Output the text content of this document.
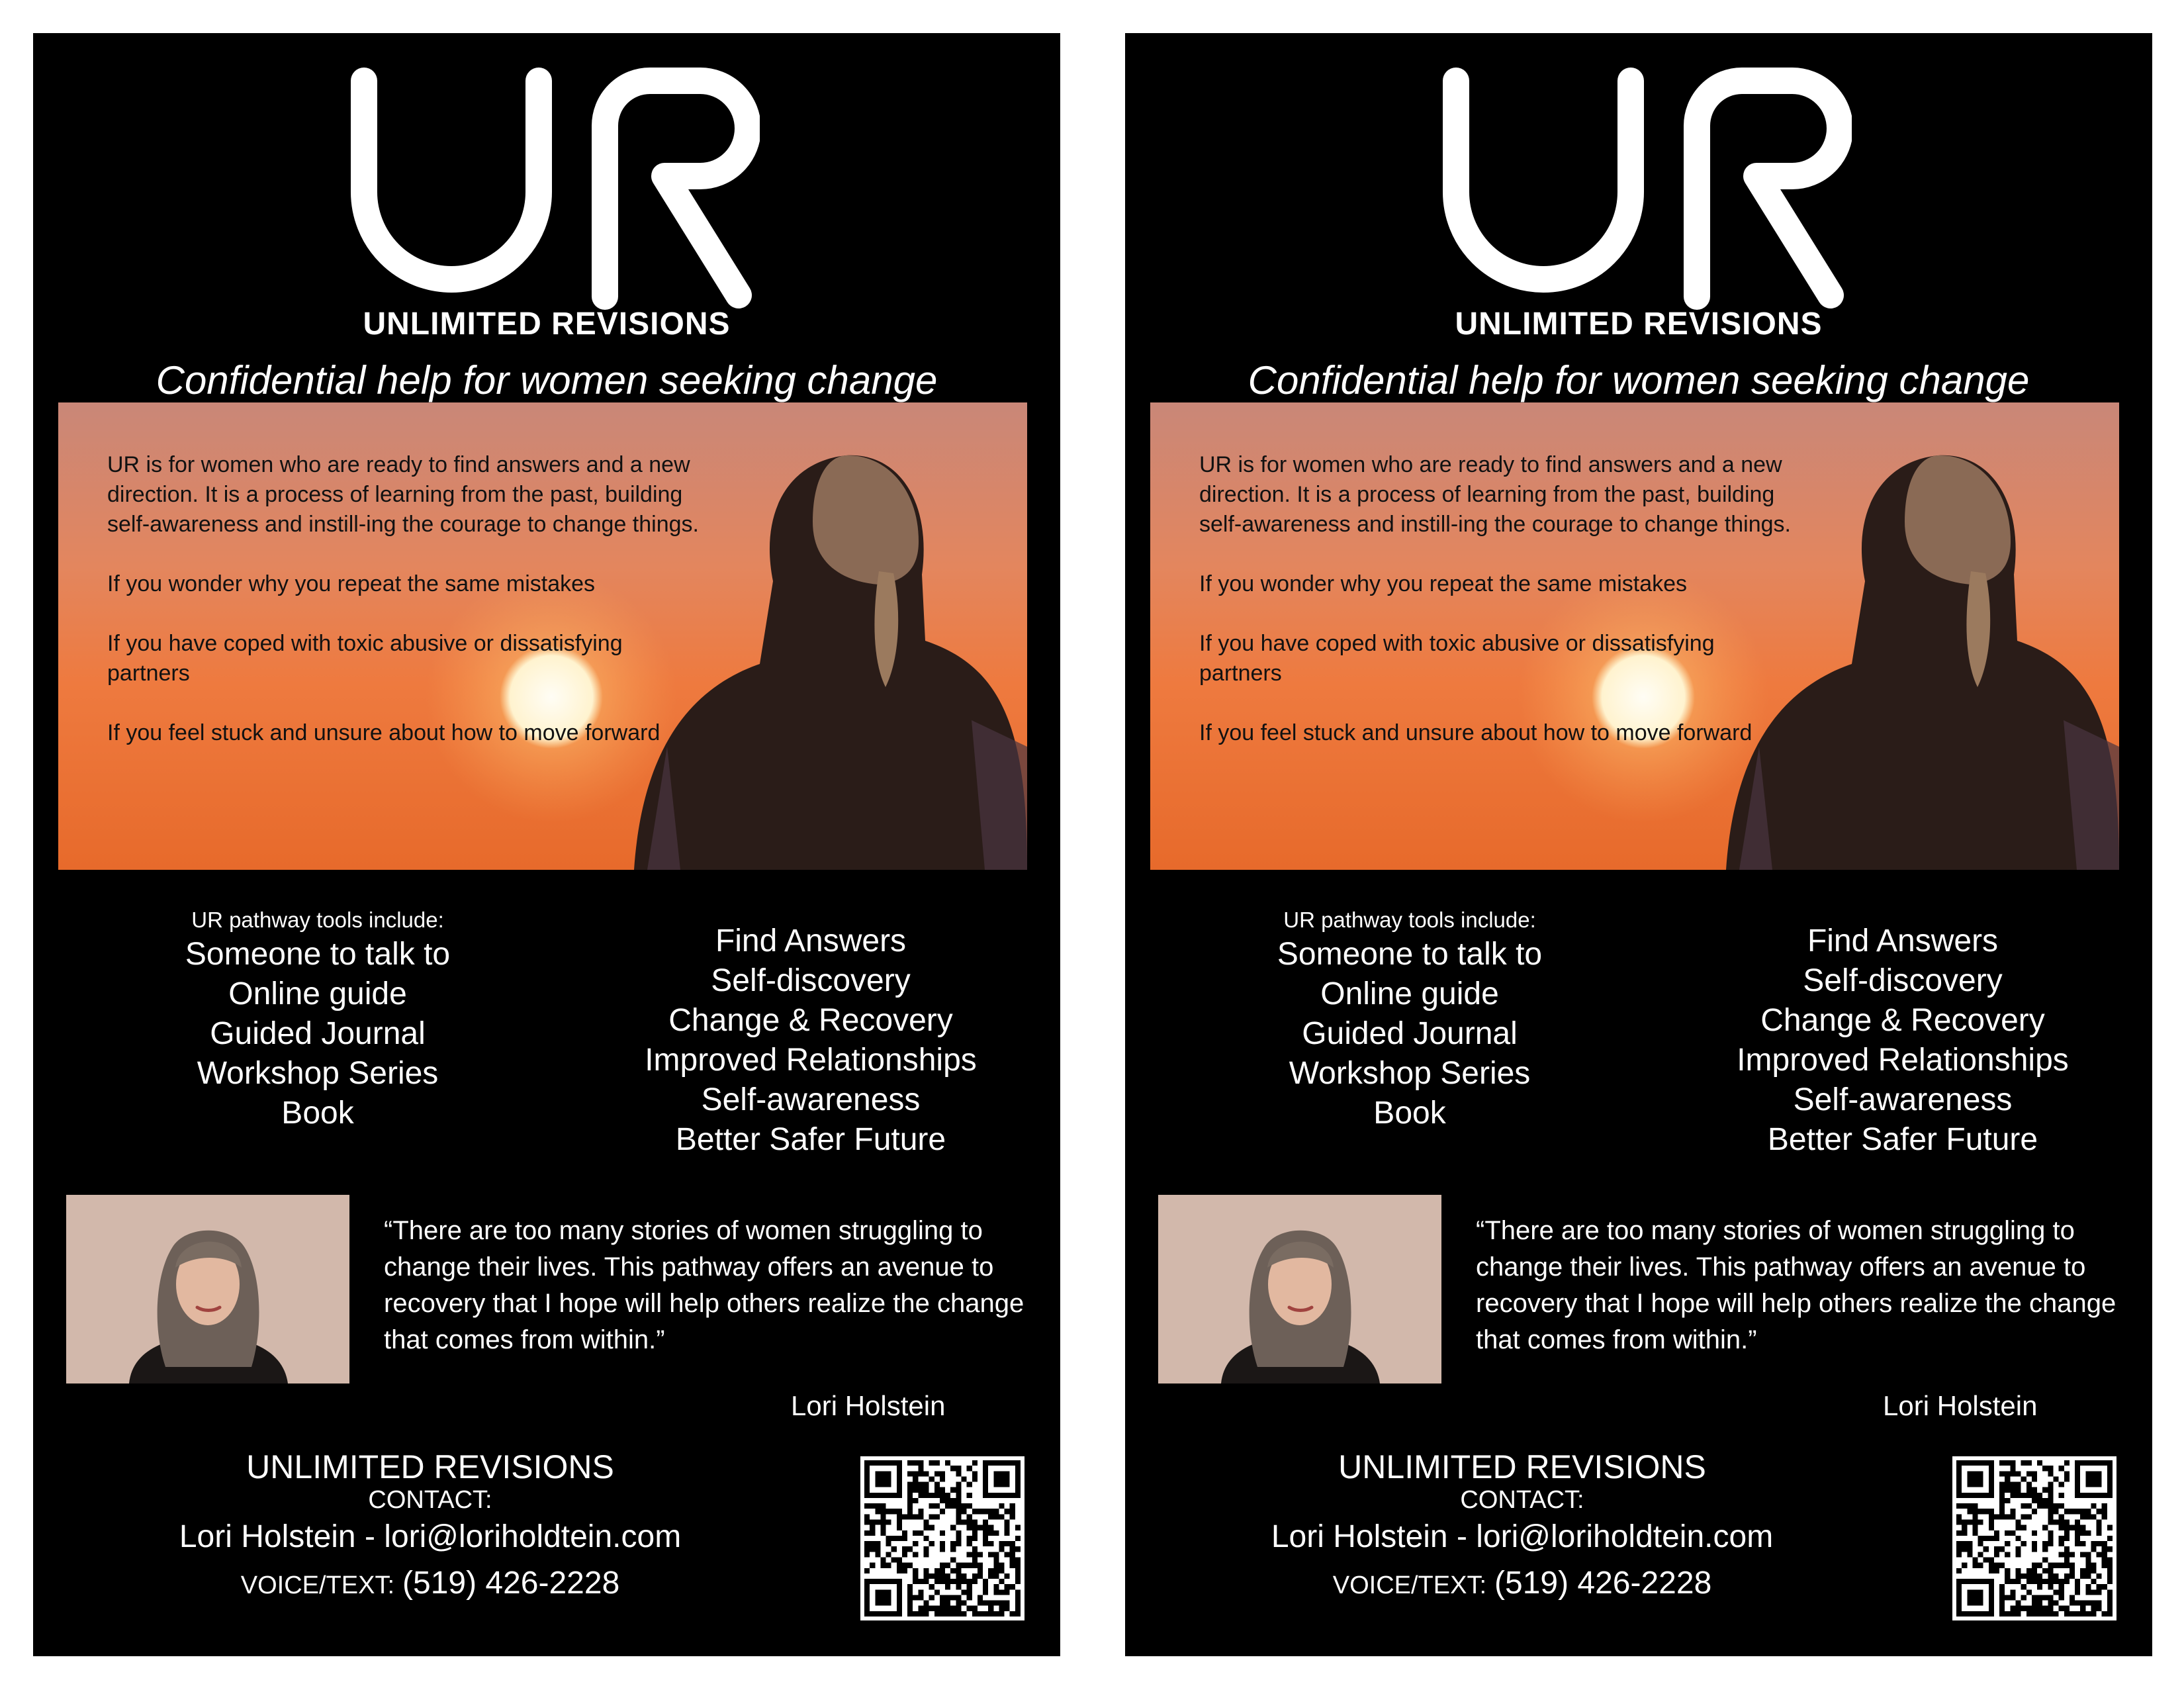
UNLIMITED REVISIONS
Confidential help for women seeking change

UR is for women who are ready to find answers and a new direction. It is a process of learning from the past, building self-awareness and instill-ing the courage to change things.

If you wonder why you repeat the same mistakes

If you have coped with toxic abusive or dissatisfying partners

If you feel stuck and unsure about how to move forward

UR pathway tools include:
Someone to talk to
Online guide
Guided Journal
Workshop Series
Book
Find Answers
Self-discovery
Change & Recovery
Improved Relationships
Self-awareness
Better Safer Future
“There are too many stories of women struggling to change their lives. This pathway offers an avenue to recovery that I hope will help others realize the change that comes from within.”
Lori Holstein
UNLIMITED REVISIONS
CONTACT:
Lori Holstein - lori@loriholdtein.com
VOICE/TEXT: (519) 426-2228
UNLIMITED REVISIONS
Confidential help for women seeking change

UR is for women who are ready to find answers and a new direction. It is a process of learning from the past, building self-awareness and instill-ing the courage to change things.

If you wonder why you repeat the same mistakes

If you have coped with toxic abusive or dissatisfying partners

If you feel stuck and unsure about how to move forward

UR pathway tools include:
Someone to talk to
Online guide
Guided Journal
Workshop Series
Book
Find Answers
Self-discovery
Change & Recovery
Improved Relationships
Self-awareness
Better Safer Future
“There are too many stories of women struggling to change their lives. This pathway offers an avenue to recovery that I hope will help others realize the change that comes from within.”
Lori Holstein
UNLIMITED REVISIONS
CONTACT:
Lori Holstein - lori@loriholdtein.com
VOICE/TEXT: (519) 426-2228
